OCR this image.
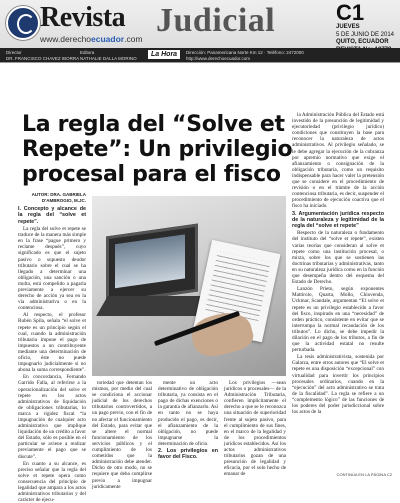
Revista Judicial
www.derechoecuador.com
C1
JUEVES
5 DE JUNIO DE 2014
QUITO, ECUADOR
Director
DR. FRANCISCO CHAVEZ IBORRA
Editora
NATHALIE DALLA MORINO	La Hora	Dirección: Panamericana Norte Km 12 · Teléfono: 2472000
http://www.derechoecuador.com
La regla del “Solve et Repete”: Un privilegio procesal para el fisco

AUTOR: DRA. GABRIELA D'AMBROGIO, M.JC.

I. Concepto y alcance de la regla del “solve et repete”.

La regla del solve et repete se traduce de la manera más simple en la frase “pague primero y reclame después”, cuyo significado es que el sujeto pasivo o supuesto deudor tributario sobre el cual se ha llegado a determinar una obligación, una sanción o una multa, está compelido a pagarla previamente a ejercer su derecho de acción ya sea en la vía administrativa o en la contenciosa.

Al respecto, el profesor Rubén Spila, señala “el solve et repete es un principio según el cual, cuando la administración tributaria impone el pago de impuestos a un contribuyente mediante una determinación de oficio, éste no puede impugnarlo judicialmente si no abona la suma correspondiente”.

En concordancia, Fernando Garrido Falla, al referirse a la operacionalización del solve et repete en los actos administrativos de liquidación de obligaciones tributarias, lo marca a rigidez fiscal “la impugnación de cualquier acto administrativo que implique liquidación de un crédito a favor del Estado, sólo es posible en el particular se aviene a realizar previamente el pago que se discute”.

En cuanto a su alcance, es preciso señalar que la regla del solve et repete opera como consecuencia del principio de legalidad que ampara a los actos administrativos tributarios y del carácter de ejecu-

toriedad que detentan los mismos, por medio del cual se condiciona el accionar judicial de los derechos tributarios controvertidos, a un pago previo, con el fin de no afectar el funcionamiento del Estado, para evitar que se altere el normal funcionamiento de los servicios públicos y el cumplimiento de los cometidos que la administración debe atender. Dicho de otro modo, no se requiere que deba cumplirse previo a impugnar jurídicamente

mente un acto determinativo de obligación tributaria, ya consista en el pago de dichas exenciones o la garantía de afianzarlo. Así en tanto no se haya producido el pago, es decir, el afianzamiento de la obligación, no puede impugnarse la determinación de oficio.

2. Los privilegios en favor del Fisco.

Los privilegios —sean jurídicos o procesales— de la Administración Tributaria, confieren implícitamente el derecho a que se le reconozca una situación de superioridad frente al sujeto pasivo, para el cumplimiento de sus fines, en el marco de la legalidad y de los procedimientos jurídicos establecidos. Así los actos administrativos tributarios gozan de una presunción de legalidad y eficacia, por el solo hecho de emanar de

la Administración Pública del Estado está investido de la presunción de legitimidad y ejecutoriedad (privilegio jurídico) condiciones que constituyen la base para reconocer la naturaleza de actos administrativos. Al privilegio señalado, se le debe agregar la ejecución de la cobranza por apremio normativo que exige el afianzamiento o consignación de la obligación tributaria, como un requisito indispensable para hacer valer la pretensión que se considere en el procedimiento de revisión o en el trámite de la acción contenciosa tributaria, es decir, suspender el procedimiento de ejecución coactiva que el fisco ha iniciado.

3. Argumentación jurídica respecto de la naturaleza y legitimidad de la regla del “solve et repete”

Respecto de la naturaleza o fundamento del instituto del “solve et repete”, existen varias teorías que consideran al solve et repete como una institución procesal, o mixta, sobre los que se sostienen las doctrinas tributarias y administrativas, tanto en su naturaleza jurídica como en la función que desempeña dentro del esquema del Estado de Derecho.

Lanzón Prieto, según exponentes Mattirolo, Quarta, Mollo, Chiovenda, Uckmar, Scandale, argumentan “El solve et repete es un privilegio establecido a favor del fisco, inspirado en una “necesidad” de orden práctico, consistente en evitar que se interrumpa la normal recaudación de los tributos”. Lo dicho, se debe impedir la dilación en el pago de los tributos, a fin de que la actividad estatal no resulte perturbada.

La tesis administrativista, sostenida por Galarza, entre otros autores que “El solve et repete es una disposición “excepcional” con virtualidad para invertir los principios procesales ordinarios, cuando en la “ejecución” del acto administrativo se trata de la fiscalidad”. La regla se refiere a un “complemento lógico” de las funciones de los poderes del poder jurisdiccional sobre los actos de la

CONTINÚA EN LA PÁGINA C2
